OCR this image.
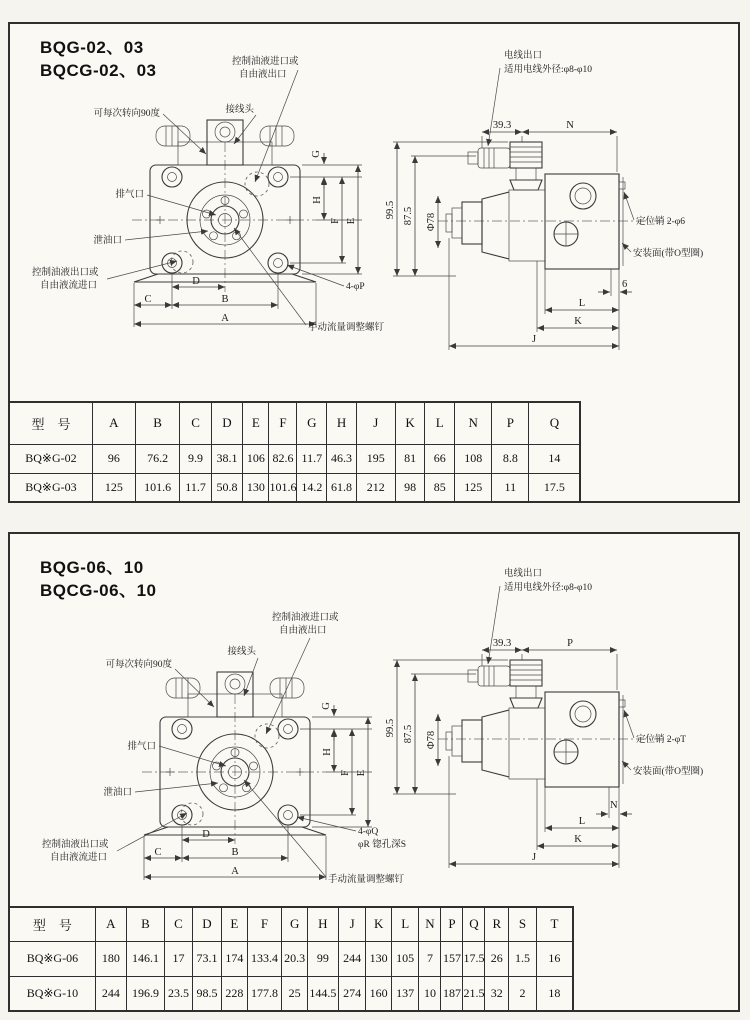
BQG-02、03
BQCG-02、03
D
C	B
A
G
H
F E
控制油液进口或
自由液出口
可每次转向90度	接线头
排气口
泄油口
控制油液出口或
自由液流进口	4-φP
手动流量调整螺钉
39.3	N
99.5 87.5 Φ78	定位销 2-φ6
安装面(带O型圈)
6
L
K
J
电线出口
适用电线外径:φ8-φ10
型　号	A	B	C	D	E	F	G	H	J	K	L	N	P	Q
BQ※G-02	96	76.2	9.9	38.1	106	82.6	11.7	46.3	195	81	66	108	8.8	14
BQ※G-03	125	101.6	11.7	50.8	130	101.6	14.2	61.8	212	98	85	125	11	17.5
BQG-06、10
BQCG-06、10
D
C	B
A
G
H
F E
控制油液进口或
自由液出口
可每次转向90度
接线头
排气口
泄油口
控制油液出口或
自由液流进口
4-φQ
φR 锪孔深S
手动流量调整螺钉
39.3	P
99.5 87.5 Φ78	定位销 2-φT
安装面(带O型圈)
N
L
K
J
电线出口
适用电线外径:φ8-φ10
型　号	A	B	C	D	E	F	G	H	J	K	L	N	P	Q	R	S	T
BQ※G-06	180	146.1	17	73.1	174	133.4	20.3	99	244	130	105	7	157	17.5	26	1.5	16
BQ※G-10	244	196.9	23.5	98.5	228	177.8	25	144.5	274	160	137	10	187	21.5	32	2	18
